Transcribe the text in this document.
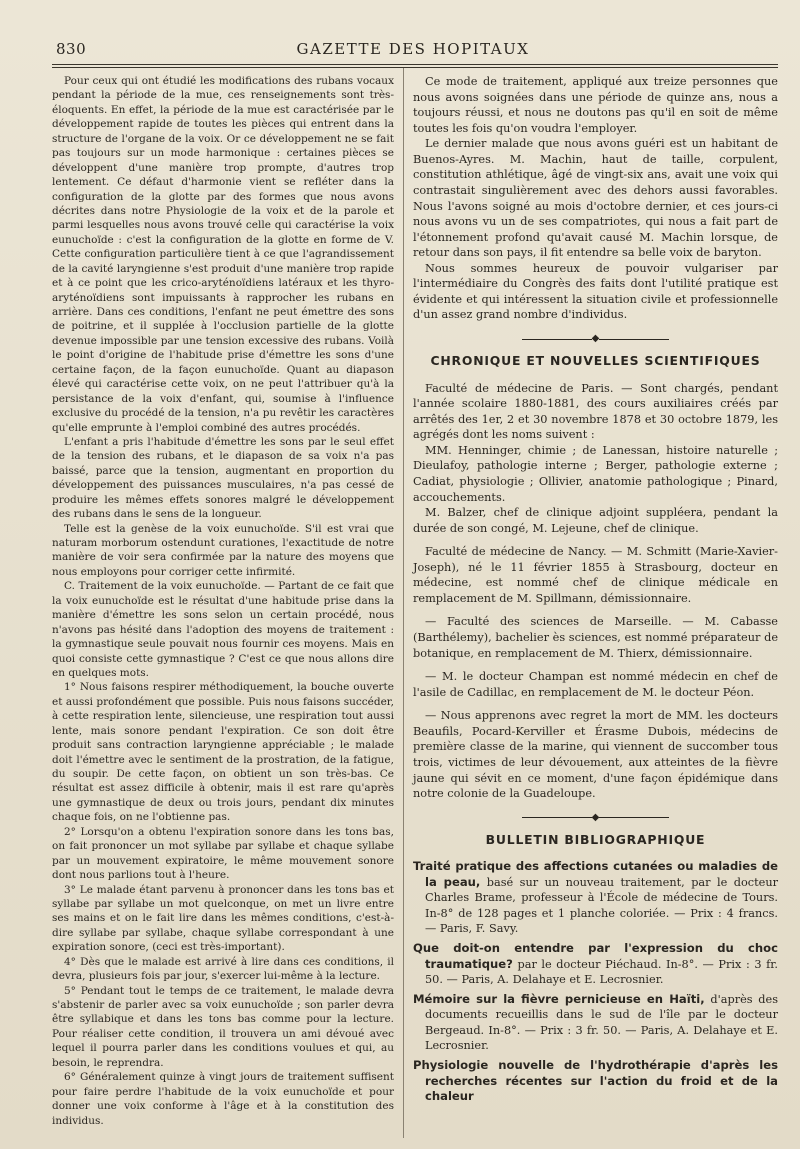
830	GAZETTE DES HOPITAUX

Pour ceux qui ont étudié les modifications des rubans vocaux pendant la période de la mue, ces renseignements sont très-éloquents. En effet, la période de la mue est caractérisée par le développement rapide de toutes les pièces qui entrent dans la structure de l'organe de la voix. Or ce développement ne se fait pas toujours sur un mode harmonique : certaines pièces se développent d'une manière trop prompte, d'autres trop lentement. Ce défaut d'harmonie vient se refléter dans la configuration de la glotte par des formes que nous avons décrites dans notre Physiologie de la voix et de la parole et parmi lesquelles nous avons trouvé celle qui caractérise la voix eunuchoïde : c'est la configuration de la glotte en forme de V. Cette configuration particulière tient à ce que l'agrandissement de la cavité laryngienne s'est produit d'une manière trop rapide et à ce point que les crico-aryténoïdiens latéraux et les thyro-aryténoïdiens sont impuissants à rapprocher les rubans en arrière. Dans ces conditions, l'enfant ne peut émettre des sons de poitrine, et il supplée à l'occlusion partielle de la glotte devenue impossible par une tension excessive des rubans. Voilà le point d'origine de l'habitude prise d'émettre les sons d'une certaine façon, de la façon eunuchoïde. Quant au diapason élevé qui caractérise cette voix, on ne peut l'attribuer qu'à la persistance de la voix d'enfant, qui, soumise à l'influence exclusive du procédé de la tension, n'a pu revêtir les caractères qu'elle emprunte à l'emploi combiné des autres procédés.

L'enfant a pris l'habitude d'émettre les sons par le seul effet de la tension des rubans, et le diapason de sa voix n'a pas baissé, parce que la tension, augmentant en proportion du développement des puissances musculaires, n'a pas cessé de produire les mêmes effets sonores malgré le développement des rubans dans le sens de la longueur.

Telle est la genèse de la voix eunuchoïde. S'il est vrai que naturam morborum ostendunt curationes, l'exactitude de notre manière de voir sera confirmée par la nature des moyens que nous employons pour corriger cette infirmité.

C. Traitement de la voix eunuchoïde. — Partant de ce fait que la voix eunuchoïde est le résultat d'une habitude prise dans la manière d'émettre les sons selon un certain procédé, nous n'avons pas hésité dans l'adoption des moyens de traitement : la gymnastique seule pouvait nous fournir ces moyens. Mais en quoi consiste cette gymnastique ? C'est ce que nous allons dire en quelques mots.

1° Nous faisons respirer méthodiquement, la bouche ouverte et aussi profondément que possible. Puis nous faisons succéder, à cette respiration lente, silencieuse, une respiration tout aussi lente, mais sonore pendant l'expiration. Ce son doit être produit sans contraction laryngienne appréciable ; le malade doit l'émettre avec le sentiment de la prostration, de la fatigue, du soupir. De cette façon, on obtient un son très-bas. Ce résultat est assez difficile à obtenir, mais il est rare qu'après une gymnastique de deux ou trois jours, pendant dix minutes chaque fois, on ne l'obtienne pas.

2° Lorsqu'on a obtenu l'expiration sonore dans les tons bas, on fait prononcer un mot syllabe par syllabe et chaque syllabe par un mouvement expiratoire, le même mouvement sonore dont nous parlions tout à l'heure.

3° Le malade étant parvenu à prononcer dans les tons bas et syllabe par syllabe un mot quelconque, on met un livre entre ses mains et on le fait lire dans les mêmes conditions, c'est-à-dire syllabe par syllabe, chaque syllabe correspondant à une expiration sonore, (ceci est très-important).

4° Dès que le malade est arrivé à lire dans ces conditions, il devra, plusieurs fois par jour, s'exercer lui-même à la lecture.

5° Pendant tout le temps de ce traitement, le malade devra s'abstenir de parler avec sa voix eunuchoïde ; son parler devra être syllabique et dans les tons bas comme pour la lecture. Pour réaliser cette condition, il trouvera un ami dévoué avec lequel il pourra parler dans les conditions voulues et qui, au besoin, le reprendra.

6° Généralement quinze à vingt jours de traitement suffisent pour faire perdre l'habitude de la voix eunuchoïde et pour donner une voix conforme à l'âge et à la constitution des individus.

Ce mode de traitement, appliqué aux treize personnes que nous avons soignées dans une période de quinze ans, nous a toujours réussi, et nous ne doutons pas qu'il en soit de même toutes les fois qu'on voudra l'employer.

Le dernier malade que nous avons guéri est un habitant de Buenos-Ayres. M. Machin, haut de taille, corpulent, constitution athlétique, âgé de vingt-six ans, avait une voix qui contrastait singulièrement avec des dehors aussi favorables. Nous l'avons soigné au mois d'octobre dernier, et ces jours-ci nous avons vu un de ses compatriotes, qui nous a fait part de l'étonnement profond qu'avait causé M. Machin lorsque, de retour dans son pays, il fit entendre sa belle voix de baryton.

Nous sommes heureux de pouvoir vulgariser par l'intermédiaire du Congrès des faits dont l'utilité pratique est évidente et qui intéressent la situation civile et professionnelle d'un assez grand nombre d'individus.

◆
CHRONIQUE ET NOUVELLES SCIENTIFIQUES

Faculté de médecine de Paris. — Sont chargés, pendant l'année scolaire 1880-1881, des cours auxiliaires créés par arrêtés des 1er, 2 et 30 novembre 1878 et 30 octobre 1879, les agrégés dont les noms suivent :

MM. Henninger, chimie ; de Lanessan, histoire naturelle ; Dieulafoy, pathologie interne ; Berger, pathologie externe ; Cadiat, physiologie ; Ollivier, anatomie pathologique ; Pinard, accouchements.

M. Balzer, chef de clinique adjoint suppléera, pendant la durée de son congé, M. Lejeune, chef de clinique.

Faculté de médecine de Nancy. — M. Schmitt (Marie-Xavier-Joseph), né le 11 février 1855 à Strasbourg, docteur en médecine, est nommé chef de clinique médicale en remplacement de M. Spillmann, démissionnaire.

— Faculté des sciences de Marseille. — M. Cabasse (Barthélemy), bachelier ès sciences, est nommé préparateur de botanique, en remplacement de M. Thierx, démissionnaire.

— M. le docteur Champan est nommé médecin en chef de l'asile de Cadillac, en remplacement de M. le docteur Péon.

— Nous apprenons avec regret la mort de MM. les docteurs Beaufils, Pocard-Kerviller et Érasme Dubois, médecins de première classe de la marine, qui viennent de succomber tous trois, victimes de leur dévouement, aux atteintes de la fièvre jaune qui sévit en ce moment, d'une façon épidémique dans notre colonie de la Guadeloupe.

◆
BULLETIN BIBLIOGRAPHIQUE

Traité pratique des affections cutanées ou maladies de la peau, basé sur un nouveau traitement, par le docteur Charles Brame, professeur à l'École de médecine de Tours. In-8° de 128 pages et 1 planche coloriée. — Prix : 4 francs. — Paris, F. Savy.

Que doit-on entendre par l'expression du choc traumatique? par le docteur Piéchaud. In-8°. — Prix : 3 fr. 50. — Paris, A. Delahaye et E. Lecrosnier.

Mémoire sur la fièvre pernicieuse en Haïti, d'après des documents recueillis dans le sud de l'île par le docteur Bergeaud. In-8°. — Prix : 3 fr. 50. — Paris, A. Delahaye et E. Lecrosnier.

Physiologie nouvelle de l'hydrothérapie d'après les recherches récentes sur l'action du froid et de la chaleur
